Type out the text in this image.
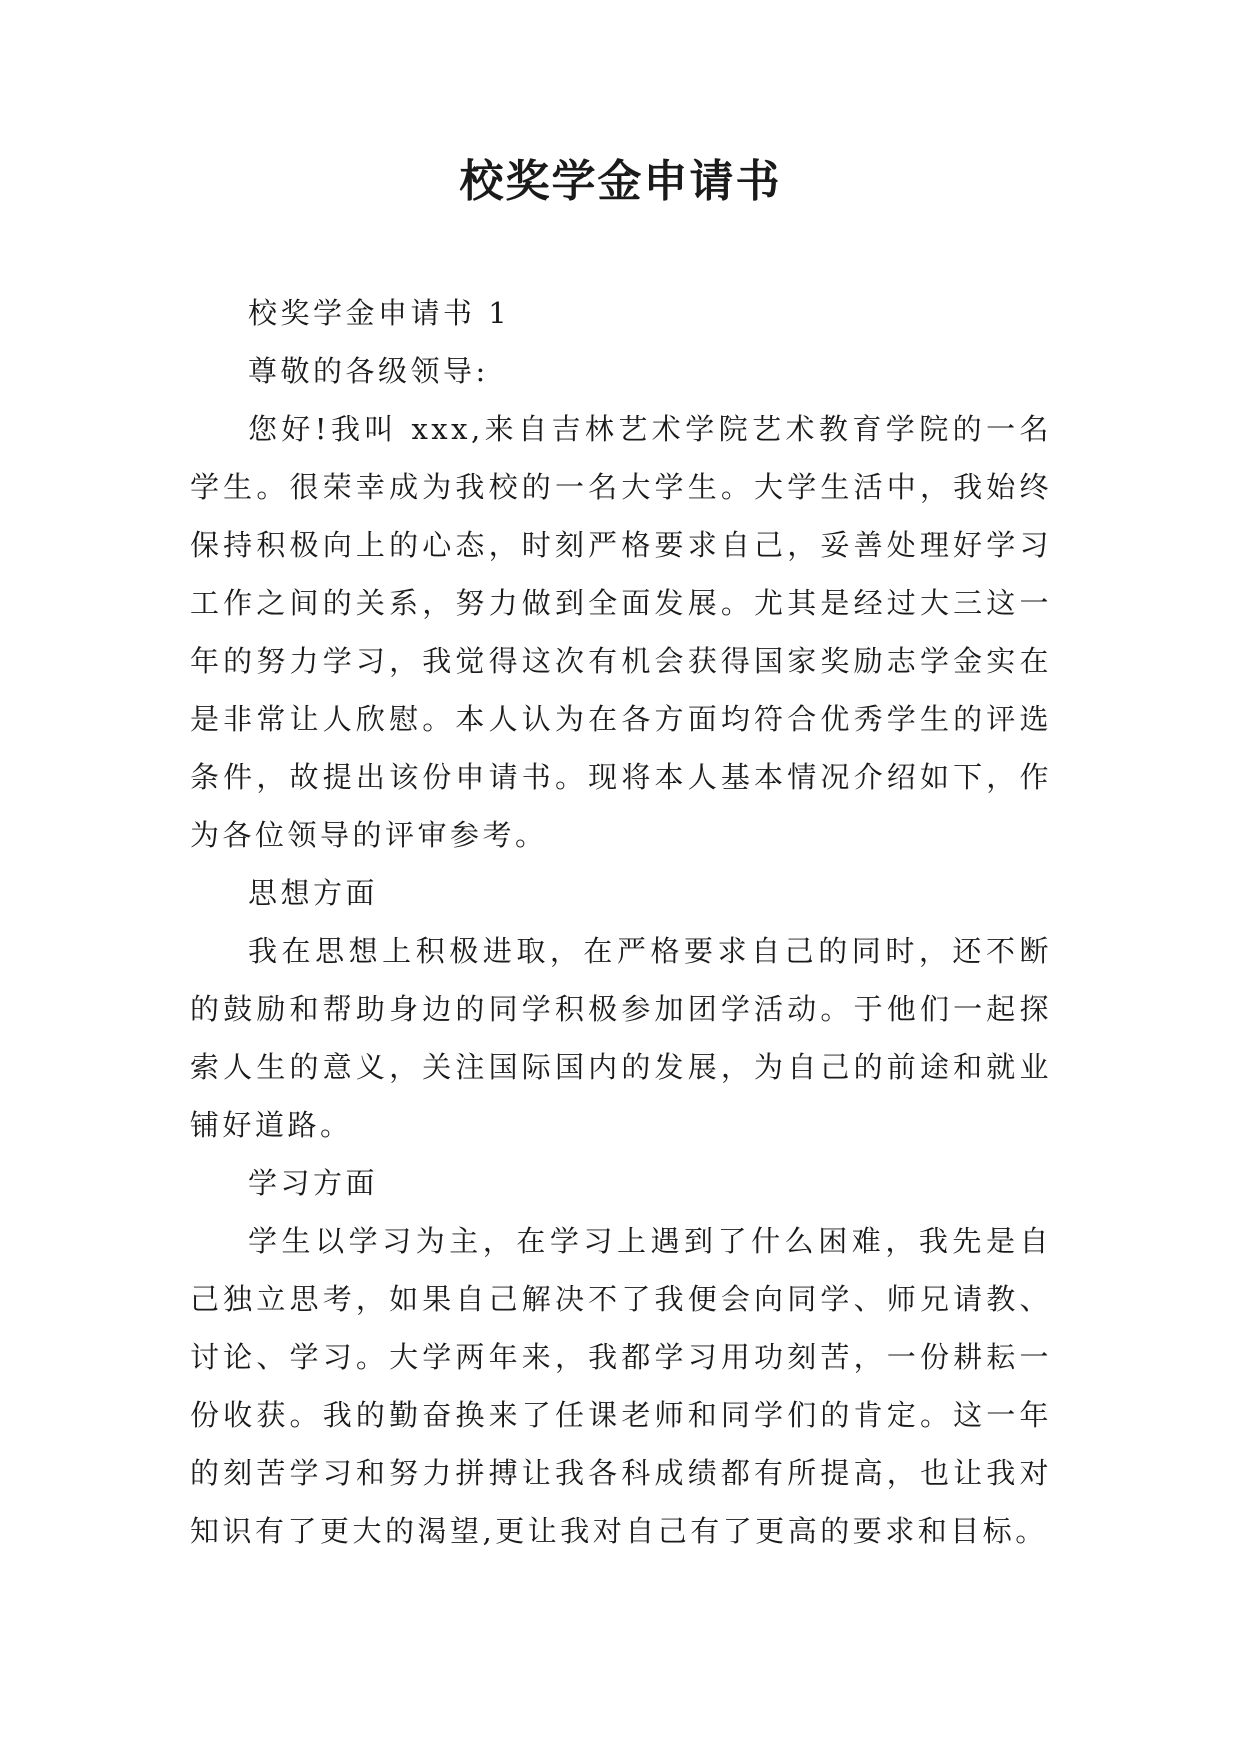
校奖学金申请书

校奖学金申请书 1

尊敬的各级领导:

您好!我叫 xxx,来自吉林艺术学院艺术教育学院的一名学生。很荣幸成为我校的一名大学生。大学生活中，我始终保持积极向上的心态，时刻严格要求自己，妥善处理好学习工作之间的关系，努力做到全面发展。尤其是经过大三这一年的努力学习，我觉得这次有机会获得国家奖励志学金实在是非常让人欣慰。本人认为在各方面均符合优秀学生的评选条件，故提出该份申请书。现将本人基本情况介绍如下，作为各位领导的评审参考。

思想方面

我在思想上积极进取，在严格要求自己的同时，还不断的鼓励和帮助身边的同学积极参加团学活动。于他们一起探索人生的意义，关注国际国内的发展，为自己的前途和就业铺好道路。

学习方面

学生以学习为主，在学习上遇到了什么困难，我先是自己独立思考，如果自己解决不了我便会向同学、师兄请教、讨论、学习。大学两年来，我都学习用功刻苦，一份耕耘一份收获。我的勤奋换来了任课老师和同学们的肯定。这一年的刻苦学习和努力拼搏让我各科成绩都有所提高，也让我对知识有了更大的渴望,更让我对自己有了更高的要求和目标。
